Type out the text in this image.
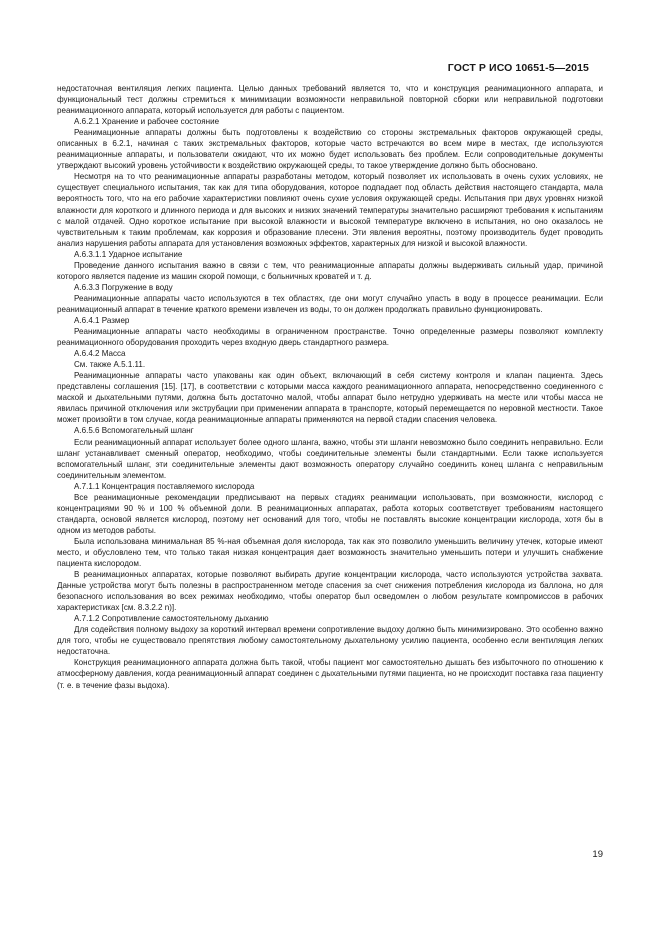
ГОСТ Р ИСО 10651-5—2015

недостаточная вентиляция легких пациента. Целью данных требований является то, что и конструкция реанимационного аппарата, и функциональный тест должны стремиться к минимизации возможности неправильной повторной сборки или неправильной подготовки реанимационного аппарата, который используется для работы с пациентом.

A.6.2.1 Хранение и рабочее состояние

Реанимационные аппараты должны быть подготовлены к воздействию со стороны экстремальных факторов окружающей среды, описанных в 6.2.1, начиная с таких экстремальных факторов, которые часто встречаются во всем мире в местах, где используются реанимационные аппараты, и пользователи ожидают, что их можно будет использовать без проблем. Если сопроводительные документы утверждают высокий уровень устойчивости к воздействию окружающей среды, то такое утверждение должно быть обосновано.

Несмотря на то что реанимационные аппараты разработаны методом, который позволяет их использовать в очень сухих условиях, не существует специального испытания, так как для типа оборудования, которое подпадает под область действия настоящего стандарта, мала вероятность того, что на его рабочие характеристики повлияют очень сухие условия окружающей среды. Испытания при двух уровнях низкой влажности для короткого и длинного периода и для высоких и низких значений температуры значительно расширяют требования к испытаниям с малой отдачей. Одно короткое испытание при высокой влажности и высокой температуре включено в испытания, но оно оказалось не чувствительным к таким проблемам, как коррозия и образование плесени. Эти явления вероятны, поэтому производитель будет проводить анализ нарушения работы аппарата для установления возможных эффектов, характерных для низкой и высокой влажности.

A.6.3.1.1 Ударное испытание

Проведение данного испытания важно в связи с тем, что реанимационные аппараты должны выдерживать сильный удар, причиной которого является падение из машин скорой помощи, с больничных кроватей и т. д.

A.6.3.3 Погружение в воду

Реанимационные аппараты часто используются в тех областях, где они могут случайно упасть в воду в процессе реанимации. Если реанимационный аппарат в течение краткого времени извлечен из воды, то он должен продолжать правильно функционировать.

A.6.4.1 Размер

Реанимационные аппараты часто необходимы в ограниченном пространстве. Точно определенные размеры позволяют комплекту реанимационного оборудования проходить через входную дверь стандартного размера.

A.6.4.2 Масса

См. также A.5.1.11.

Реанимационные аппараты часто упакованы как один объект, включающий в себя систему контроля и клапан пациента. Здесь представлены соглашения [15]. [17], в соответствии с которыми масса каждого реанимационного аппарата, непосредственно соединенного с маской и дыхательными путями, должна быть достаточно малой, чтобы аппарат было нетрудно удерживать на месте или чтобы масса не явилась причиной отключения или экструбации при применении аппарата в транспорте, который перемещается по неровной местности. Такое может произойти в том случае, когда реанимационные аппараты применяются на первой стадии спасения человека.

A.6.5.6 Вспомогательный шланг

Если реанимационный аппарат использует более одного шланга, важно, чтобы эти шланги невозможно было соединить неправильно. Если шланг устанавливает сменный оператор, необходимо, чтобы соединительные элементы были стандартными. Если также используется вспомогательный шланг, эти соединительные элементы дают возможность оператору случайно соединить конец шланга с неправильным соединительным элементом.

A.7.1.1 Концентрация поставляемого кислорода

Все реанимационные рекомендации предписывают на первых стадиях реанимации использовать, при возможности, кислород с концентрациями 90 % и 100 % объемной доли. В реанимационных аппаратах, работа которых соответствует требованиям настоящего стандарта, основой является кислород, поэтому нет оснований для того, чтобы не поставлять высокие концентрации кислорода, хотя бы в одном из методов работы.

Была использована минимальная 85 %-ная объемная доля кислорода, так как это позволило уменьшить величину утечек, которые имеют место, и обусловлено тем, что только такая низкая концентрация дает возможность значительно уменьшить потери и улучшить снабжение пациента кислородом.

В реанимационных аппаратах, которые позволяют выбирать другие концентрации кислорода, часто используются устройства захвата. Данные устройства могут быть полезны в распространенном методе спасения за счет снижения потребления кислорода из баллона, но для безопасного использования во всех режимах необходимо, чтобы оператор был осведомлен о любом результате компромиссов в рабочих характеристиках [см. 8.3.2.2 n)].

A.7.1.2 Сопротивление самостоятельному дыханию

Для содействия полному выдоху за короткий интервал времени сопротивление выдоху должно быть минимизировано. Это особенно важно для того, чтобы не существовало препятствия любому самостоятельному дыхательному усилию пациента, особенно если вентиляция легких недостаточна.

Конструкция реанимационного аппарата должна быть такой, чтобы пациент мог самостоятельно дышать без избыточного по отношению к атмосферному давления, когда реанимационный аппарат соединен с дыхательными путями пациента, но не происходит поставка газа пациенту (т. е. в течение фазы выдоха).

19
